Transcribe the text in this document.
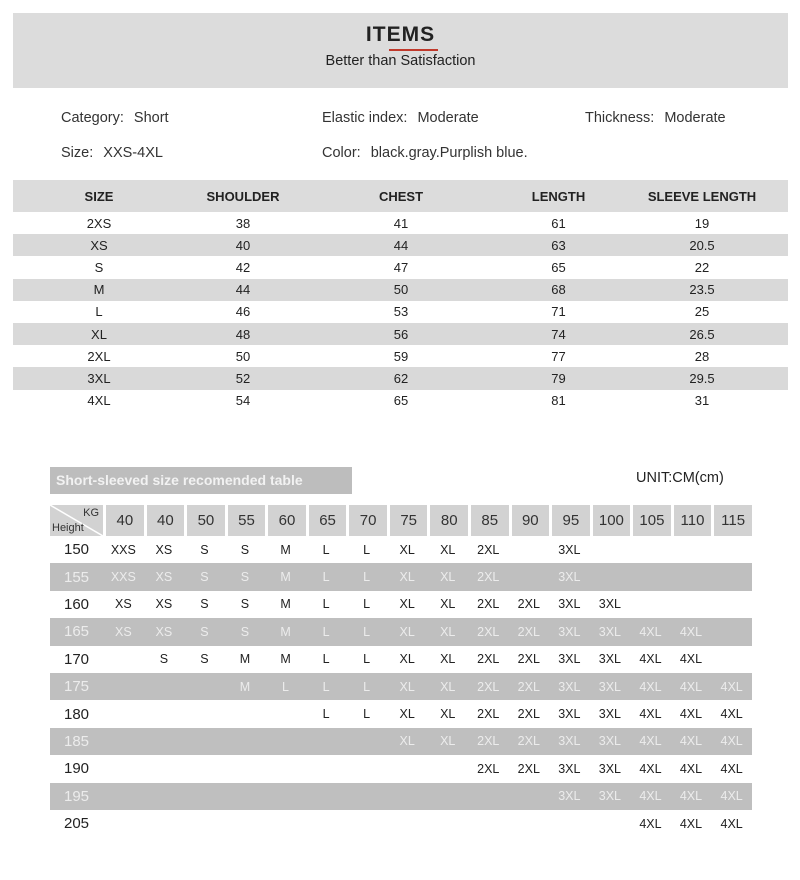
ITEMS
Better than Satisfaction
Category: Short	Elastic index: Moderate	Thickness: Moderate
Size: XXS-4XL	Color: black.gray.Purplish blue.
SIZE	SHOULDER	CHEST	LENGTH	SLEEVE LENGTH
2XS	38	41	61	19
XS	40	44	63	20.5
S	42	47	65	22
M	44	50	68	23.5
L	46	53	71	25
XL	48	56	74	26.5
2XL	50	59	77	28
3XL	52	62	79	29.5
4XL	54	65	81	31
Short-sleeved size recomended table	UNIT:CM(cm)
KG
Height	40	40	50	55	60	65	70	75	80	85	90	95	100	105	110	115
150	XXS	XS	S	S	M	L	L	XL	XL	2XL		3XL				
155	XXS	XS	S	S	M	L	L	XL	XL	2XL		3XL				
160	XS	XS	S	S	M	L	L	XL	XL	2XL	2XL	3XL	3XL			
165	XS	XS	S	S	M	L	L	XL	XL	2XL	2XL	3XL	3XL	4XL	4XL	
170		S	S	M	M	L	L	XL	XL	2XL	2XL	3XL	3XL	4XL	4XL	
175				M	L	L	L	XL	XL	2XL	2XL	3XL	3XL	4XL	4XL	4XL
180						L	L	XL	XL	2XL	2XL	3XL	3XL	4XL	4XL	4XL
185								XL	XL	2XL	2XL	3XL	3XL	4XL	4XL	4XL
190										2XL	2XL	3XL	3XL	4XL	4XL	4XL
195												3XL	3XL	4XL	4XL	4XL
205														4XL	4XL	4XL
